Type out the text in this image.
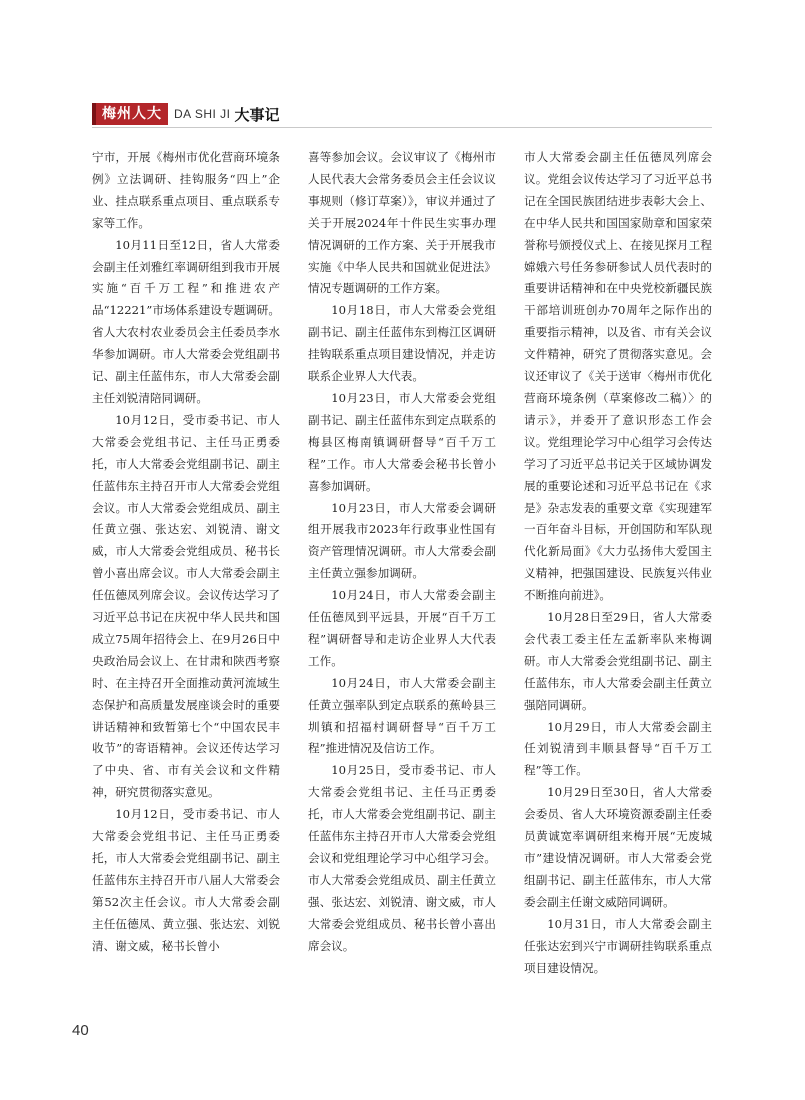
梅州人大	DA SHI JI 大事记

宁市，开展《梅州市优化营商环境条例》立法调研、挂钩服务“四上”企业、挂点联系重点项目、重点联系专家等工作。

10月11日至12日，省人大常委会副主任刘雅红率调研组到我市开展实施“百千万工程”和推进农产品“12221”市场体系建设专题调研。省人大农村农业委员会主任委员李水华参加调研。市人大常委会党组副书记、副主任蓝伟东，市人大常委会副主任刘锐清陪同调研。

10月12日，受市委书记、市人大常委会党组书记、主任马正勇委托，市人大常委会党组副书记、副主任蓝伟东主持召开市人大常委会党组会议。市人大常委会党组成员、副主任黄立强、张达宏、刘锐清、谢文威，市人大常委会党组成员、秘书长曾小喜出席会议。市人大常委会副主任伍德凤列席会议。会议传达学习了习近平总书记在庆祝中华人民共和国成立75周年招待会上、在9月26日中央政治局会议上、在甘肃和陕西考察时、在主持召开全面推动黄河流域生态保护和高质量发展座谈会时的重要讲话精神和致暂第七个“中国农民丰收节”的寄语精神。会议还传达学习了中央、省、市有关会议和文件精神，研究贯彻落实意见。

10月12日，受市委书记、市人大常委会党组书记、主任马正勇委托，市人大常委会党组副书记、副主任蓝伟东主持召开市八届人大常委会第52次主任会议。市人大常委会副主任伍德凤、黄立强、张达宏、刘锐清、谢文威，秘书长曾小

喜等参加会议。会议审议了《梅州市人民代表大会常务委员会主任会议议事规则（修订草案）》，审议并通过了关于开展2024年十件民生实事办理情况调研的工作方案、关于开展我市实施《中华人民共和国就业促进法》情况专题调研的工作方案。

10月18日，市人大常委会党组副书记、副主任蓝伟东到梅江区调研挂钩联系重点项目建设情况，并走访联系企业界人大代表。

10月23日，市人大常委会党组副书记、副主任蓝伟东到定点联系的梅县区梅南镇调研督导“百千万工程”工作。市人大常委会秘书长曾小喜参加调研。

10月23日，市人大常委会调研组开展我市2023年行政事业性国有资产管理情况调研。市人大常委会副主任黄立强参加调研。

10月24日，市人大常委会副主任伍德凤到平远县，开展“百千万工程”调研督导和走访企业界人大代表工作。

10月24日，市人大常委会副主任黄立强率队到定点联系的蕉岭县三圳镇和招福村调研督导“百千万工程”推进情况及信访工作。

10月25日，受市委书记、市人大常委会党组书记、主任马正勇委托，市人大常委会党组副书记、副主任蓝伟东主持召开市人大常委会党组会议和党组理论学习中心组学习会。市人大常委会党组成员、副主任黄立强、张达宏、刘锐清、谢文威，市人大常委会党组成员、秘书长曾小喜出席会议。

市人大常委会副主任伍德凤列席会议。党组会议传达学习了习近平总书记在全国民族团结进步表彰大会上、在中华人民共和国国家勋章和国家荣誉称号颁授仪式上、在接见探月工程嫦娥六号任务参研参试人员代表时的重要讲话精神和在中央党校新疆民族干部培训班创办70周年之际作出的重要指示精神，以及省、市有关会议文件精神，研究了贯彻落实意见。会议还审议了《关于送审〈梅州市优化营商环境条例（草案修改二稿）〉的请示》，并委开了意识形态工作会议。党组理论学习中心组学习会传达学习了习近平总书记关于区域协调发展的重要论述和习近平总书记在《求是》杂志发表的重要文章《实现建军一百年奋斗目标，开创国防和军队现代化新局面》《大力弘扬伟大爱国主义精神，把强国建设、民族复兴伟业不断推向前进》。

10月28日至29日，省人大常委会代表工委主任左孟新率队来梅调研。市人大常委会党组副书记、副主任蓝伟东，市人大常委会副主任黄立强陪同调研。

10月29日，市人大常委会副主任刘锐清到丰顺县督导“百千万工程”等工作。

10月29日至30日，省人大常委会委员、省人大环境资源委副主任委员黄诚宽率调研组来梅开展“无废城市”建设情况调研。市人大常委会党组副书记、副主任蓝伟东，市人大常委会副主任谢文威陪同调研。

10月31日，市人大常委会副主任张达宏到兴宁市调研挂钩联系重点项目建设情况。

40
